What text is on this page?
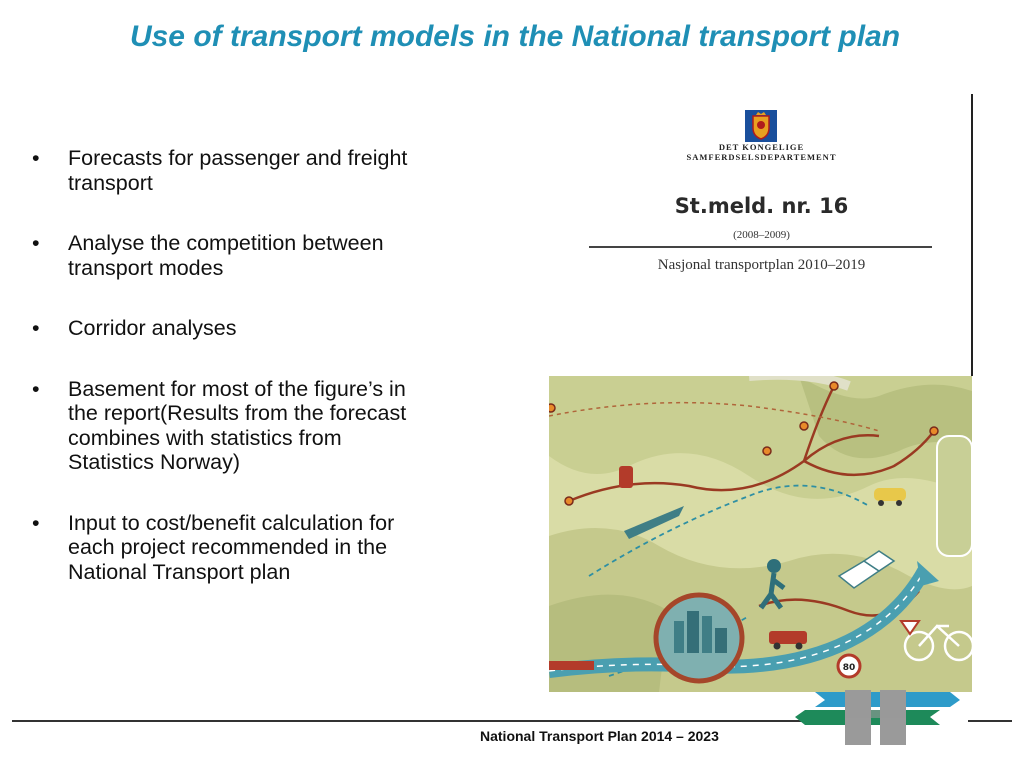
Use of transport models in the National transport plan
• Forecasts for passenger and freight transport
• Analyse the competition between transport modes
• Corridor analyses
• Basement for most of the figure’s in the report(Results from the forecast combines with statistics from Statistics Norway)
• Input to cost/benefit calculation for each project recommended in the National Transport plan
DET KONGELIGE
SAMFERDSELSDEPARTEMENT
St.meld. nr. 16
(2008–2009)
Nasjonal transportplan 2010–2019
80
National Transport Plan 2014 – 2023
